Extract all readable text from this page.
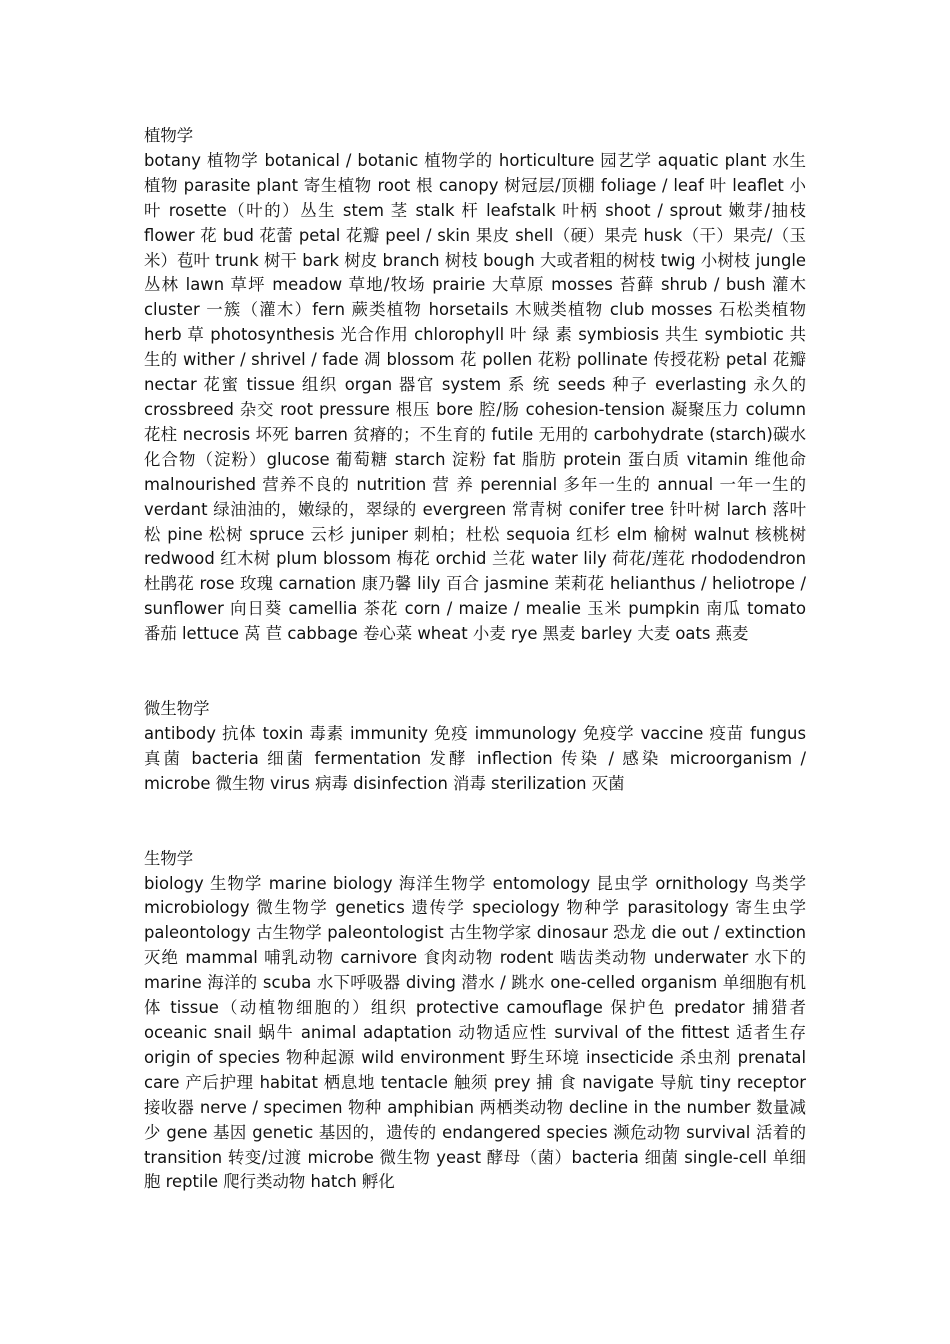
植物学

botany 植物学 botanical / botanic 植物学的 horticulture 园艺学 aquatic plant 水生植物 parasite plant 寄生植物 root 根 canopy 树冠层/顶棚 foliage / leaf 叶 leaflet 小叶 rosette（叶的）丛生 stem 茎 stalk 杆 leafstalk 叶柄 shoot / sprout 嫩芽/抽枝 flower 花 bud 花蕾 petal 花瓣 peel / skin 果皮 shell（硬）果壳 husk（干）果壳/（玉米）苞叶 trunk 树干 bark 树皮 branch 树枝 bough 大或者粗的树枝 twig 小树枝 jungle 丛林 lawn 草坪 meadow 草地/牧场 prairie 大草原 mosses 苔藓 shrub / bush 灌木 cluster 一簇（灌木）fern 蕨类植物 horsetails 木贼类植物 club mosses 石松类植物 herb 草 photosynthesis 光合作用 chlorophyll 叶 绿 素 symbiosis 共生 symbiotic 共生的 wither / shrivel / fade 凋 blossom 花 pollen 花粉 pollinate 传授花粉 petal 花瓣 nectar 花蜜 tissue 组织 organ 器官 system 系 统 seeds 种子 everlasting 永久的 crossbreed 杂交 root pressure 根压 bore 腔/肠 cohesion-tension 凝聚压力 column 花柱 necrosis 坏死 barren 贫瘠的；不生育的 futile 无用的 carbohydrate (starch)碳水化合物（淀粉）glucose 葡萄糖 starch 淀粉 fat 脂肪 protein 蛋白质 vitamin 维他命 malnourished 营养不良的 nutrition 营 养 perennial 多年一生的 annual 一年一生的 verdant 绿油油的，嫩绿的，翠绿的 evergreen 常青树 conifer tree 针叶树 larch 落叶松 pine 松树 spruce 云杉 juniper 刺柏；杜松 sequoia 红杉 elm 榆树 walnut 核桃树 redwood 红木树 plum blossom 梅花 orchid 兰花 water lily 荷花/莲花 rhododendron 杜鹃花 rose 玫瑰 carnation 康乃馨 lily 百合 jasmine 茉莉花 helianthus / heliotrope / sunflower 向日葵 camellia 茶花 corn / maize / mealie 玉米 pumpkin 南瓜 tomato 番茄 lettuce 莴 苣 cabbage 卷心菜 wheat 小麦 rye 黑麦 barley 大麦 oats 燕麦

微生物学

antibody 抗体 toxin 毒素 immunity 免疫 immunology 免疫学 vaccine 疫苗 fungus 真菌 bacteria 细菌 fermentation 发酵 inflection 传染 / 感染 microorganism / microbe 微生物 virus 病毒 disinfection 消毒 sterilization 灭菌

生物学

biology 生物学 marine biology 海洋生物学 entomology 昆虫学 ornithology 鸟类学 microbiology 微生物学 genetics 遗传学 speciology 物种学 parasitology 寄生虫学 paleontology 古生物学 paleontologist 古生物学家 dinosaur 恐龙 die out / extinction 灭绝 mammal 哺乳动物 carnivore 食肉动物 rodent 啮齿类动物 underwater 水下的 marine 海洋的 scuba 水下呼吸器 diving 潜水 / 跳水 one-celled organism 单细胞有机体 tissue（动植物细胞的）组织 protective camouflage 保护色 predator 捕猎者 oceanic snail 蜗牛 animal adaptation 动物适应性 survival of the fittest 适者生存 origin of species 物种起源 wild environment 野生环境 insecticide 杀虫剂 prenatal care 产后护理 habitat 栖息地 tentacle 触须 prey 捕 食 navigate 导航 tiny receptor 接收器 nerve / specimen 物种 amphibian 两栖类动物 decline in the number 数量减少 gene 基因 genetic 基因的，遗传的 endangered species 濒危动物 survival 活着的 transition 转变/过渡 microbe 微生物 yeast 酵母（菌）bacteria 细菌 single-cell 单细胞 reptile 爬行类动物 hatch 孵化
